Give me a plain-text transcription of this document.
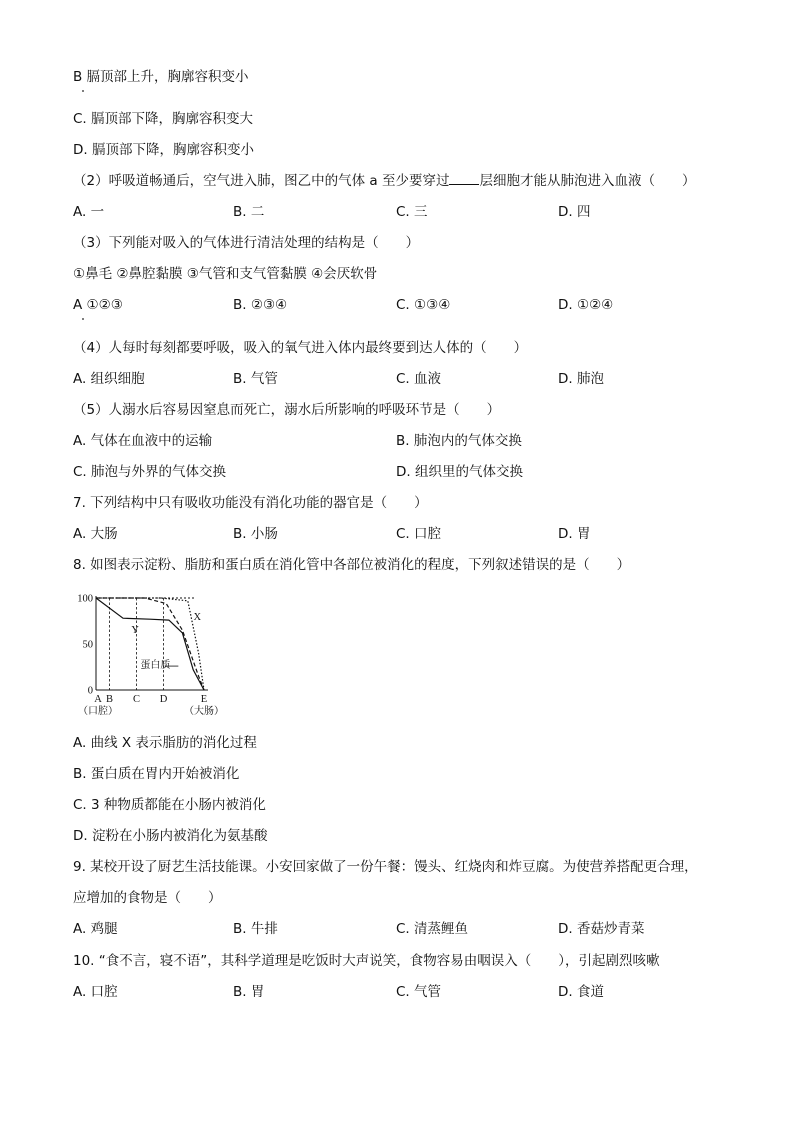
B 膈顶部上升，胸廓容积变小
C. 膈顶部下降，胸廓容积变大
D. 膈顶部下降，胸廓容积变小
（2）呼吸道畅通后，空气进入肺，图乙中的气体 a 至少要穿过 层细胞才能从肺泡进入血液（　　）
A. 一	B. 二	C. 三	D. 四
（3）下列能对吸入的气体进行清洁处理的结构是（　　）
①鼻毛 ②鼻腔黏膜 ③气管和支气管黏膜 ④会厌软骨
A ①②③	B. ②③④	C. ①③④	D. ①②④
（4）人每时每刻都要呼吸，吸入的氧气进入体内最终要到达人体的（　　）
A. 组织细胞	B. 气管	C. 血液	D. 肺泡
（5）人溺水后容易因窒息而死亡，溺水后所影响的呼吸环节是（　　）
A. 气体在血液中的运输	B. 肺泡内的气体交换
C. 肺泡与外界的气体交换	D. 组织里的气体交换
7. 下列结构中只有吸收功能没有消化功能的器官是（　　）
A. 大肠	B. 小肠	C. 口腔	D. 胃
8. 如图表示淀粉、脂肪和蛋白质在消化管中各部位被消化的程度，下列叙述错误的是（　　）
0
50
100
A
（口腔）
B C D	E
（大肠）
X
Y
蛋白质
A. 曲线 X 表示脂肪的消化过程
B. 蛋白质在胃内开始被消化
C. 3 种物质都能在小肠内被消化
D. 淀粉在小肠内被消化为氨基酸
9. 某校开设了厨艺生活技能课。小安回家做了一份午餐：馒头、红烧肉和炸豆腐。为使营养搭配更合理，
应增加的食物是（　　）
A. 鸡腿	B. 牛排	C. 清蒸鲤鱼	D. 香菇炒青菜
10. “食不言，寝不语”，其科学道理是吃饭时大声说笑，食物容易由咽误入（　　），引起剧烈咳嗽
A. 口腔	B. 胃	C. 气管	D. 食道
